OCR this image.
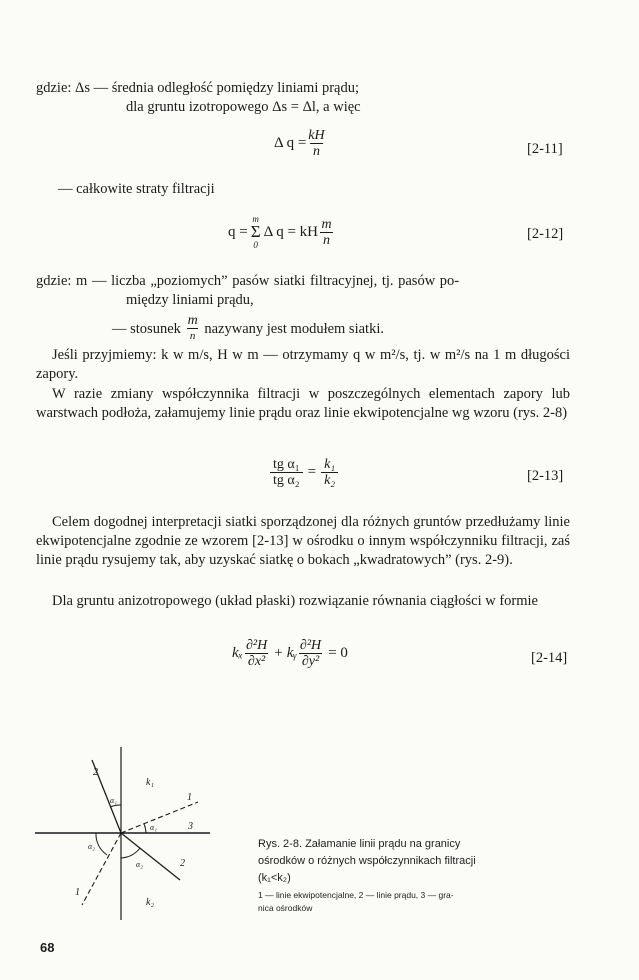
gdzie: Δs — średnia odległość pomiędzy liniami prądu;
dla gruntu izotropowego Δs = Δl, a więc
Δ $q = \frac{kH}{n}$	[2-11]
— całkowite straty filtracji
q =
m
Σ
0
Δ q = kH $\frac{m}{n}$	[2-12]
gdzie: m — liczba „poziomych” pasów siatki filtracyjnej, tj. pasów po-
między liniami prądu,
— stosunek $\frac{m}{n}$ nazywany jest modułem siatki.
Jeśli przyjmiemy: k w m/s, H w m — otrzymamy q w m²/s, tj. w m²/s na 1 m długości zapory.
W razie zmiany współczynnika filtracji w poszczególnych elementach zapory lub warstwach podłoża, załamujemy linie prądu oraz linie ekwipotencjalne wg wzoru (rys. 2-8)
$\frac{\text{tg α₁}}{\text{tg α₂}} = \frac{\text{k₁}}{\text{k₂}}$	[2-13]
Celem dogodnej interpretacji siatki sporządzonej dla różnych gruntów przedłużamy linie ekwipotencjalne zgodnie ze wzorem [2-13] w ośrodku o innym współczynniku filtracji, zaś linie prądu rysujemy tak, aby uzyskać siatkę o bokach „kwadratowych” (rys. 2-9).
Dla gruntu anizotropowego (układ płaski) rozwiązanie równania ciągłości w formie
kₓ $\frac{\text{∂²H}}{\text{∂x²}}$ + kᵧ $\frac{\text{∂²H}}{\text{∂y²}} = 0$	[2-14]
2
k₁
1
α₁
α₁	3
α₂
α₂	2
1
k₂
Rys. 2-8. Załamanie linii prądu na granicy
ośrodków o różnych współczynnikach filtracji
(k₁<k₂)
1 — linie ekwipotencjalne, 2 — linie prądu, 3 — gra-
nica ośrodków
68
